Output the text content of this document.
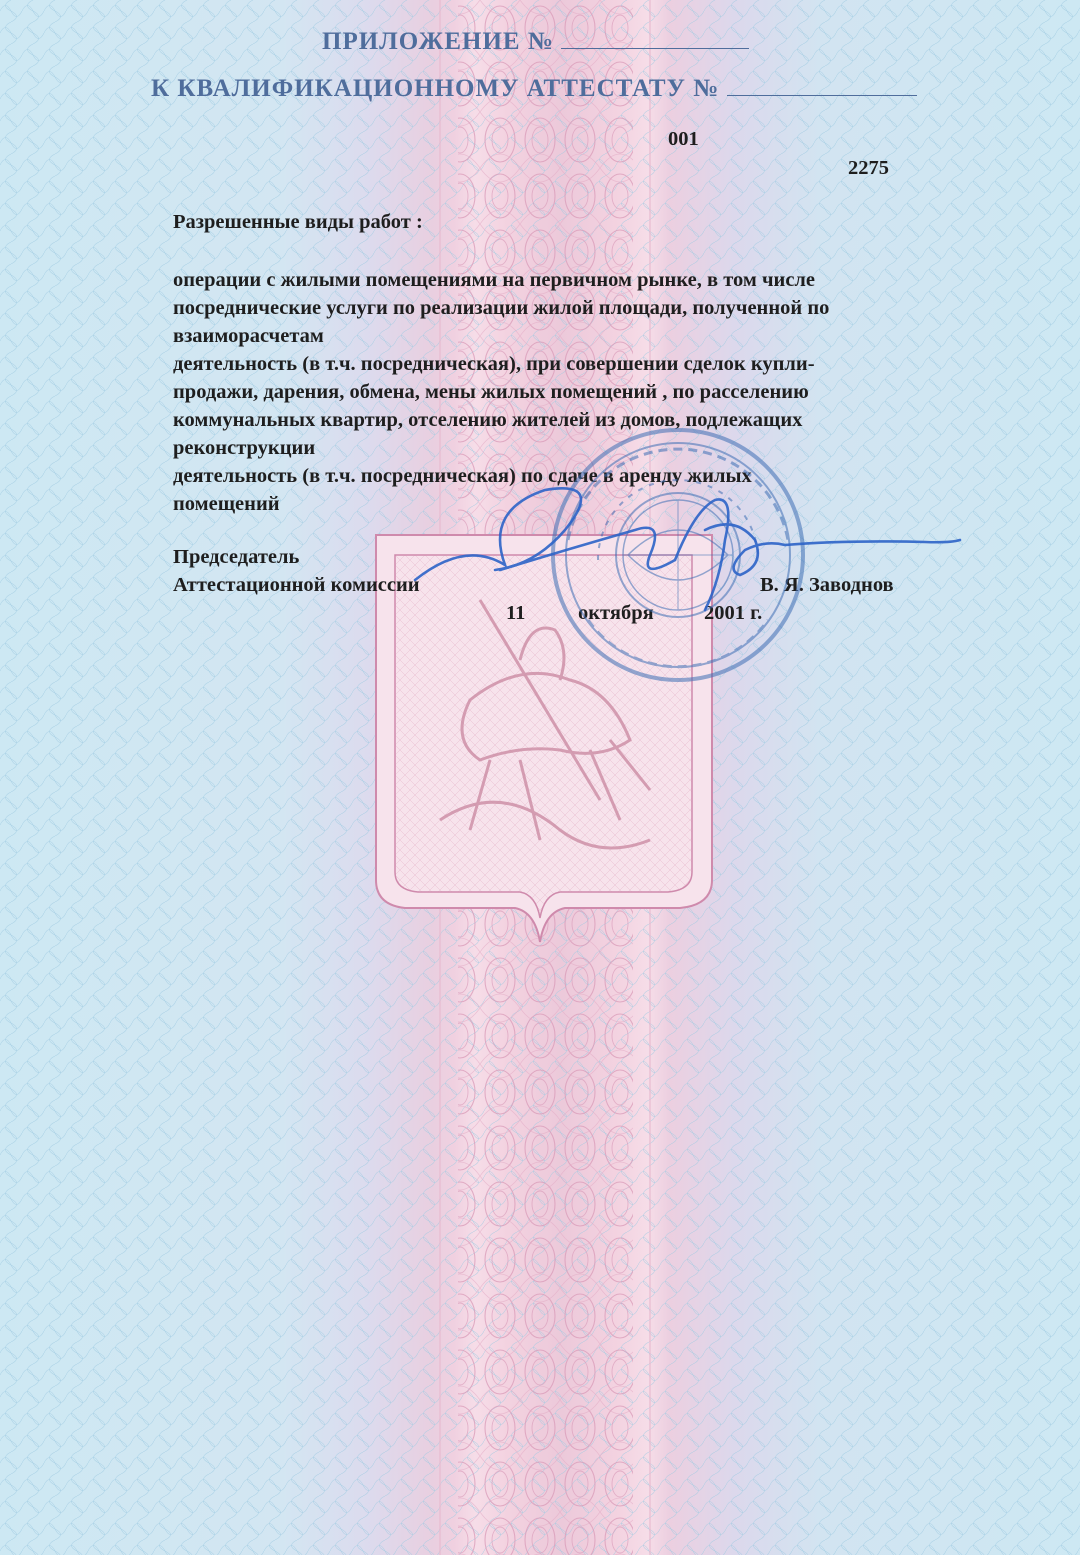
ПРИЛОЖЕНИЕ №
К КВАЛИФИКАЦИОННОМУ АТТЕСТАТУ №
001
2275
Разрешенные виды работ :
операции с жилыми помещениями на первичном рынке, в том числе
посреднические услуги по реализации жилой площади, полученной по
взаиморасчетам
деятельность (в т.ч. посредническая), при совершении сделок купли-
продажи, дарения, обмена, мены жилых помещений , по расселению
коммунальных квартир, отселению жителей из домов, подлежащих
реконструкции
деятельность (в т.ч. посредническая) по сдаче в аренду жилых
помещений
Председатель
Аттестационной комиссии	В. Я. Заводнов
11	октября 2001 г.
